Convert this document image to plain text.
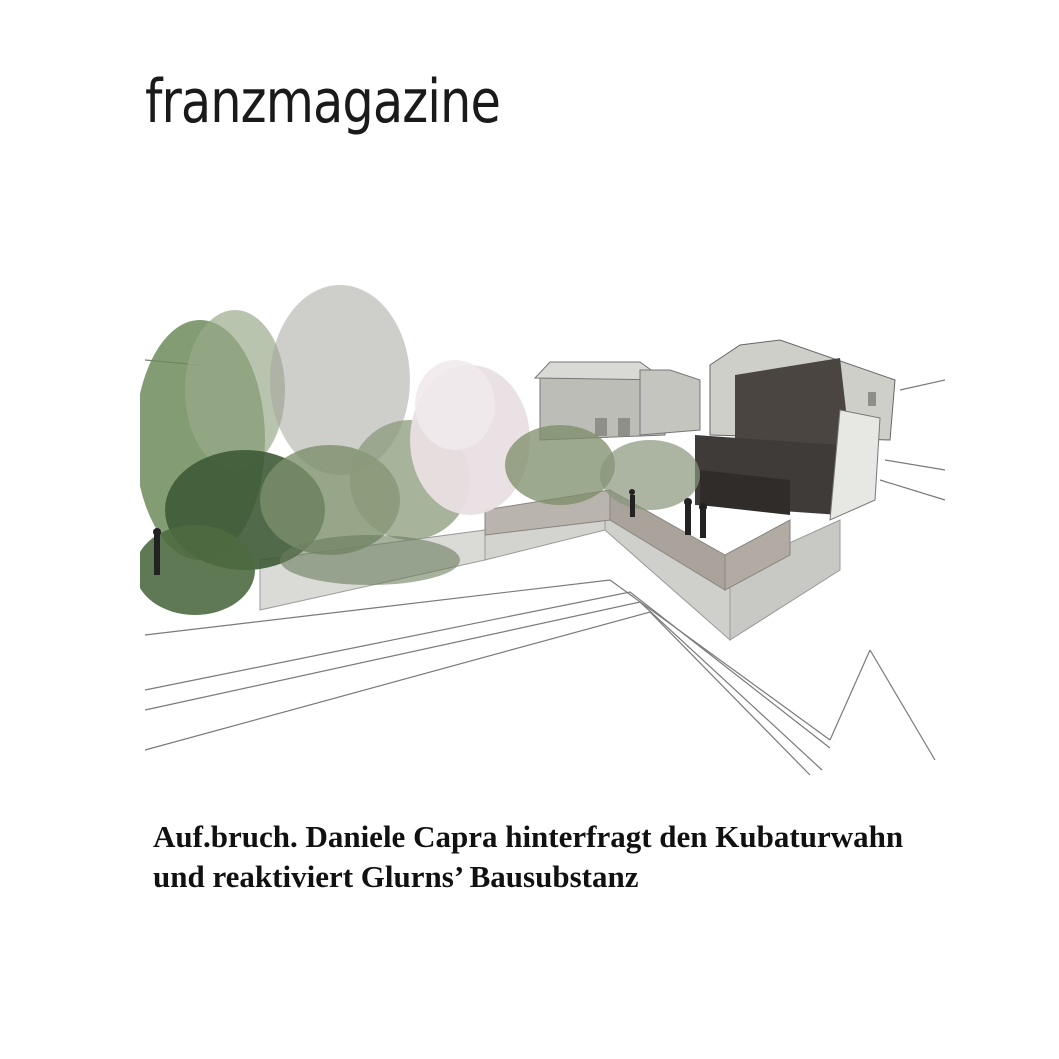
franzmagazine
Auf.bruch. Daniele Capra hinterfragt den Kubaturwahn und reaktiviert Glurns’ Bausubstanz
